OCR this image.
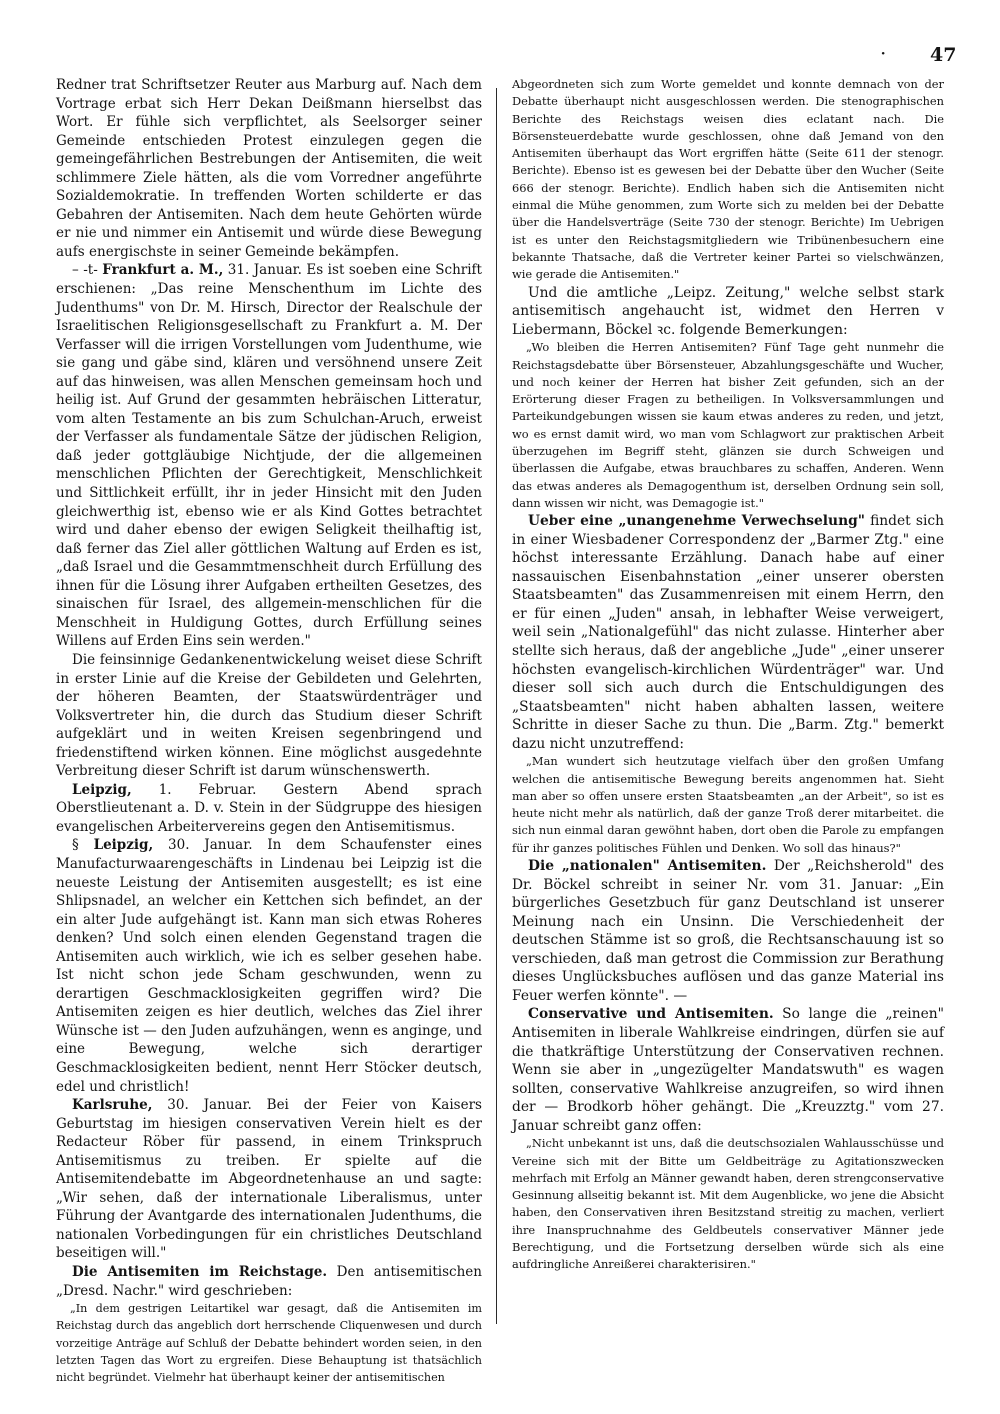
· 47

Redner trat Schriftsetzer Reuter aus Marburg auf. Nach dem Vortrage erbat sich Herr Dekan Deißmann hierselbst das Wort. Er fühle sich verpflichtet, als Seelsorger seiner Gemeinde entschieden Protest einzulegen gegen die gemeingefährlichen Bestrebungen der Antisemiten, die weit schlimmere Ziele hätten, als die vom Vorredner angeführte Sozialdemokratie. In treffenden Worten schilderte er das Gebahren der Antisemiten. Nach dem heute Gehörten würde er nie und nimmer ein Antisemit und würde diese Bewegung aufs energischste in seiner Gemeinde bekämpfen.

– -t- Frankfurt a. M., 31. Januar. Es ist soeben eine Schrift erschienen: „Das reine Menschenthum im Lichte des Judenthums" von Dr. M. Hirsch, Director der Realschule der Israelitischen Religionsgesellschaft zu Frankfurt a. M. Der Verfasser will die irrigen Vorstellungen vom Judenthume, wie sie gang und gäbe sind, klären und versöhnend unsere Zeit auf das hinweisen, was allen Menschen gemeinsam hoch und heilig ist. Auf Grund der gesammten hebräischen Litteratur, vom alten Testamente an bis zum Schulchan-Aruch, erweist der Verfasser als fundamentale Sätze der jüdischen Religion, daß jeder gottgläubige Nichtjude, der die allgemeinen menschlichen Pflichten der Gerechtigkeit, Menschlichkeit und Sittlichkeit erfüllt, ihr in jeder Hinsicht mit den Juden gleichwerthig ist, ebenso wie er als Kind Gottes betrachtet wird und daher ebenso der ewigen Seligkeit theilhaftig ist, daß ferner das Ziel aller göttlichen Waltung auf Erden es ist, „daß Israel und die Gesammtmenschheit durch Erfüllung des ihnen für die Lösung ihrer Aufgaben ertheilten Gesetzes, des sinaischen für Israel, des allgemein-menschlichen für die Menschheit in Huldigung Gottes, durch Erfüllung seines Willens auf Erden Eins sein werden."

Die feinsinnige Gedankenentwickelung weiset diese Schrift in erster Linie auf die Kreise der Gebildeten und Gelehrten, der höheren Beamten, der Staatswürdenträger und Volksvertreter hin, die durch das Studium dieser Schrift aufgeklärt und in weiten Kreisen segenbringend und friedenstiftend wirken können. Eine möglichst ausgedehnte Verbreitung dieser Schrift ist darum wünschenswerth.

Leipzig, 1. Februar. Gestern Abend sprach Oberstlieutenant a. D. v. Stein in der Südgruppe des hiesigen evangelischen Arbeitervereins gegen den Antisemitismus.

§ Leipzig, 30. Januar. In dem Schaufenster eines Manufacturwaarengeschäfts in Lindenau bei Leipzig ist die neueste Leistung der Antisemiten ausgestellt; es ist eine Shlipsnadel, an welcher ein Kettchen sich befindet, an der ein alter Jude aufgehängt ist. Kann man sich etwas Roheres denken? Und solch einen elenden Gegenstand tragen die Antisemiten auch wirklich, wie ich es selber gesehen habe. Ist nicht schon jede Scham geschwunden, wenn zu derartigen Geschmacklosigkeiten gegriffen wird? Die Antisemiten zeigen es hier deutlich, welches das Ziel ihrer Wünsche ist — den Juden aufzuhängen, wenn es anginge, und eine Bewegung, welche sich derartiger Geschmacklosigkeiten bedient, nennt Herr Stöcker deutsch, edel und christlich!

Karlsruhe, 30. Januar. Bei der Feier von Kaisers Geburtstag im hiesigen conservativen Verein hielt es der Redacteur Röber für passend, in einem Trinkspruch Antisemitismus zu treiben. Er spielte auf die Antisemitendebatte im Abgeordnetenhause an und sagte: „Wir sehen, daß der internationale Liberalismus, unter Führung der Avantgarde des internationalen Judenthums, die nationalen Vorbedingungen für ein christliches Deutschland beseitigen will."

Die Antisemiten im Reichstage. Den antisemitischen „Dresd. Nachr." wird geschrieben:

„In dem gestrigen Leitartikel war gesagt, daß die Antisemiten im Reichstag durch das angeblich dort herrschende Cliquenwesen und durch vorzeitige Anträge auf Schluß der Debatte behindert worden seien, in den letzten Tagen das Wort zu ergreifen. Diese Behauptung ist thatsächlich nicht begründet. Vielmehr hat überhaupt keiner der antisemitischen

Abgeordneten sich zum Worte gemeldet und konnte demnach von der Debatte überhaupt nicht ausgeschlossen werden. Die stenographischen Berichte des Reichstags weisen dies eclatant nach. Die Börsensteuerdebatte wurde geschlossen, ohne daß Jemand von den Antisemiten überhaupt das Wort ergriffen hätte (Seite 611 der stenogr. Berichte). Ebenso ist es gewesen bei der Debatte über den Wucher (Seite 666 der stenogr. Berichte). Endlich haben sich die Antisemiten nicht einmal die Mühe genommen, zum Worte sich zu melden bei der Debatte über die Handelsverträge (Seite 730 der stenogr. Berichte) Im Uebrigen ist es unter den Reichstagsmitgliedern wie Tribünenbesuchern eine bekannte Thatsache, daß die Vertreter keiner Partei so vielschwänzen, wie gerade die Antisemiten."

Und die amtliche „Leipz. Zeitung," welche selbst stark antisemitisch angehaucht ist, widmet den Herren v Liebermann, Böckel ꝛc. folgende Bemerkungen:

„Wo bleiben die Herren Antisemiten? Fünf Tage geht nunmehr die Reichstagsdebatte über Börsensteuer, Abzahlungsgeschäfte und Wucher, und noch keiner der Herren hat bisher Zeit gefunden, sich an der Erörterung dieser Fragen zu betheiligen. In Volksversammlungen und Parteikundgebungen wissen sie kaum etwas anderes zu reden, und jetzt, wo es ernst damit wird, wo man vom Schlagwort zur praktischen Arbeit überzugehen im Begriff steht, glänzen sie durch Schweigen und überlassen die Aufgabe, etwas brauchbares zu schaffen, Anderen. Wenn das etwas anderes als Demagogenthum ist, derselben Ordnung sein soll, dann wissen wir nicht, was Demagogie ist."

Ueber eine „unangenehme Verwechselung" findet sich in einer Wiesbadener Correspondenz der „Barmer Ztg." eine höchst interessante Erzählung. Danach habe auf einer nassauischen Eisenbahnstation „einer unserer obersten Staatsbeamten" das Zusammenreisen mit einem Herrn, den er für einen „Juden" ansah, in lebhafter Weise verweigert, weil sein „Nationalgefühl" das nicht zulasse. Hinterher aber stellte sich heraus, daß der angebliche „Jude" „einer unserer höchsten evangelisch-kirchlichen Würdenträger" war. Und dieser soll sich auch durch die Entschuldigungen des „Staatsbeamten" nicht haben abhalten lassen, weitere Schritte in dieser Sache zu thun. Die „Barm. Ztg." bemerkt dazu nicht unzutreffend:

„Man wundert sich heutzutage vielfach über den großen Umfang welchen die antisemitische Bewegung bereits angenommen hat. Sieht man aber so offen unsere ersten Staatsbeamten „an der Arbeit", so ist es heute nicht mehr als natürlich, daß der ganze Troß derer mitarbeitet. die sich nun einmal daran gewöhnt haben, dort oben die Parole zu empfangen für ihr ganzes politisches Fühlen und Denken. Wo soll das hinaus?"

Die „nationalen" Antisemiten. Der „Reichsherold" des Dr. Böckel schreibt in seiner Nr. vom 31. Januar: „Ein bürgerliches Gesetzbuch für ganz Deutschland ist unserer Meinung nach ein Unsinn. Die Verschiedenheit der deutschen Stämme ist so groß, die Rechtsanschauung ist so verschieden, daß man getrost die Commission zur Berathung dieses Unglücksbuches auflösen und das ganze Material ins Feuer werfen könnte". —

Conservative und Antisemiten. So lange die „reinen" Antisemiten in liberale Wahlkreise eindringen, dürfen sie auf die thatkräftige Unterstützung der Conservativen rechnen. Wenn sie aber in „ungezügelter Mandatswuth" es wagen sollten, conservative Wahlkreise anzugreifen, so wird ihnen der — Brodkorb höher gehängt. Die „Kreuzztg." vom 27. Januar schreibt ganz offen:

„Nicht unbekannt ist uns, daß die deutschsozialen Wahlausschüsse und Vereine sich mit der Bitte um Geldbeiträge zu Agitationszwecken mehrfach mit Erfolg an Männer gewandt haben, deren strengconservative Gesinnung allseitig bekannt ist. Mit dem Augenblicke, wo jene die Absicht haben, den Conservativen ihren Besitzstand streitig zu machen, verliert ihre Inanspruchnahme des Geldbeutels conservativer Männer jede Berechtigung, und die Fortsetzung derselben würde sich als eine aufdringliche Anreißerei charakterisiren."
